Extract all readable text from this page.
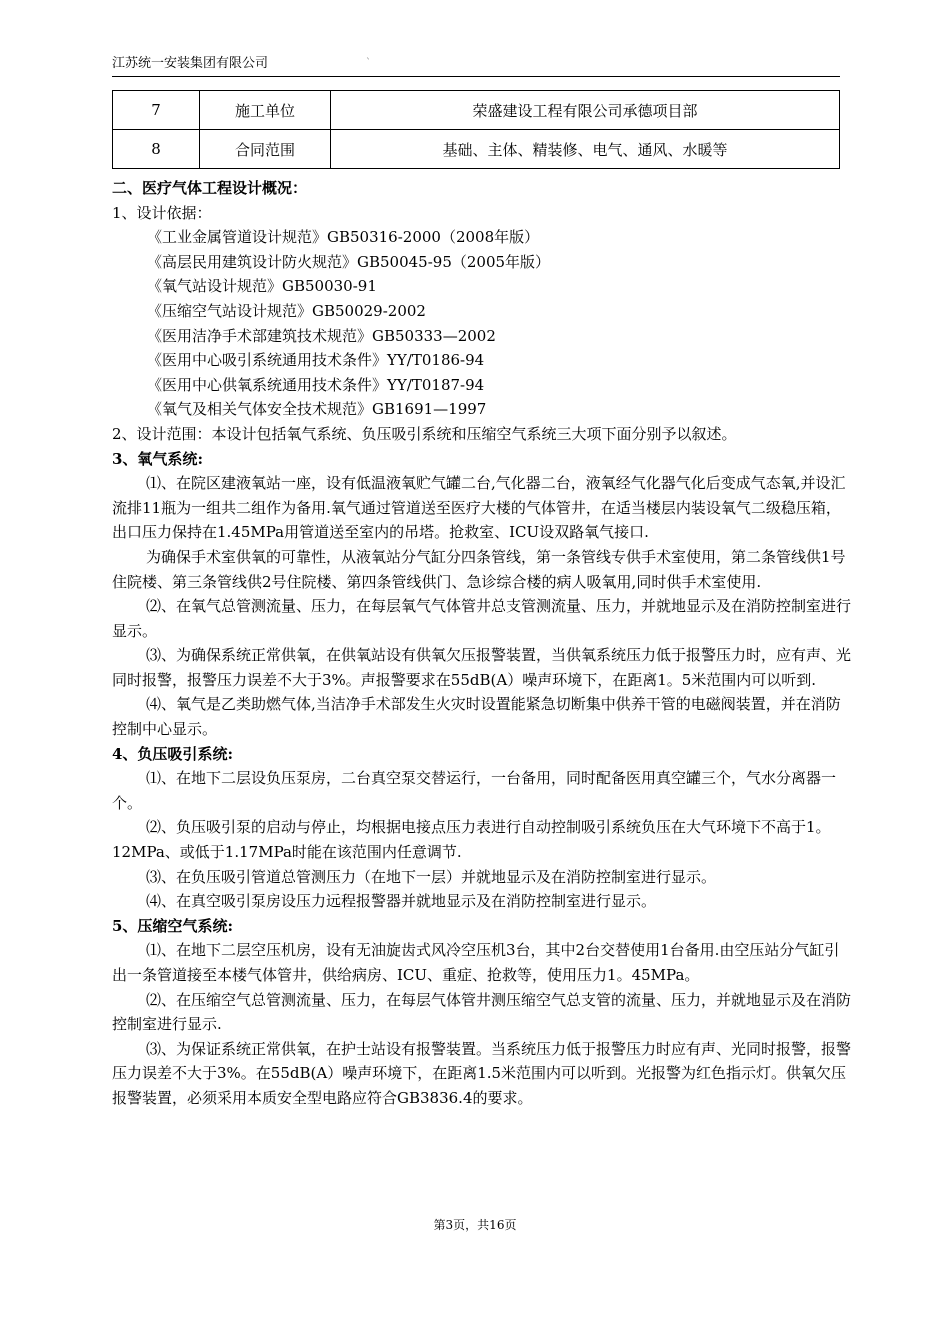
江苏统一安装集团有限公司	`
7	施工单位	荣盛建设工程有限公司承德项目部
8	合同范围	基础、主体、精装修、电气、通风、水暖等

二、医疗气体工程设计概况：

1、设计依据：

《工业金属管道设计规范》GB50316-2000（2008年版）

《高层民用建筑设计防火规范》GB50045-95（2005年版）

《氧气站设计规范》GB50030-91

《压缩空气站设计规范》GB50029-2002

《医用洁净手术部建筑技术规范》GB50333—2002

《医用中心吸引系统通用技术条件》YY/T0186-94

《医用中心供氧系统通用技术条件》YY/T0187-94

《氧气及相关气体安全技术规范》GB1691—1997

2、设计范围：本设计包括氧气系统、负压吸引系统和压缩空气系统三大项下面分别予以叙述。

3、氧气系统:

⑴、在院区建液氧站一座，设有低温液氧贮气罐二台,气化器二台，液氧经气化器气化后变成气态氧,并设汇流排11瓶为一组共二组作为备用.氧气通过管道送至医疗大楼的气体管井，在适当楼层内装设氧气二级稳压箱，出口压力保持在1.45MPa用管道送至室内的吊塔。抢救室、ICU设双路氧气接口.

为确保手术室供氧的可靠性，从液氧站分气缸分四条管线，第一条管线专供手术室使用，第二条管线供1号住院楼、第三条管线供2号住院楼、第四条管线供门、急诊综合楼的病人吸氧用,同时供手术室使用.

⑵、在氧气总管测流量、压力，在每层氧气气体管井总支管测流量、压力，并就地显示及在消防控制室进行显示。

⑶、为确保系统正常供氧，在供氧站设有供氧欠压报警装置，当供氧系统压力低于报警压力时，应有声、光同时报警，报警压力误差不大于3%。声报警要求在55dB(A）噪声环境下，在距离1。5米范围内可以听到.

⑷、氧气是乙类助燃气体,当洁净手术部发生火灾时设置能紧急切断集中供养干管的电磁阀装置，并在消防控制中心显示。

4、负压吸引系统:

⑴、在地下二层设负压泵房，二台真空泵交替运行，一台备用，同时配备医用真空罐三个，气水分离器一个。

⑵、负压吸引泵的启动与停止，均根据电接点压力表进行自动控制吸引系统负压在大气环境下不高于1。12MPa、或低于1.17MPa时能在该范围内任意调节.

⑶、在负压吸引管道总管测压力（在地下一层）并就地显示及在消防控制室进行显示。

⑷、在真空吸引泵房设压力远程报警器并就地显示及在消防控制室进行显示。

5、压缩空气系统:

⑴、在地下二层空压机房，设有无油旋齿式风冷空压机3台，其中2台交替使用1台备用.由空压站分气缸引出一条管道接至本楼气体管井，供给病房、ICU、重症、抢救等，使用压力1。45MPa。

⑵、在压缩空气总管测流量、压力，在每层气体管井测压缩空气总支管的流量、压力，并就地显示及在消防控制室进行显示.

⑶、为保证系统正常供氧，在护士站设有报警装置。当系统压力低于报警压力时应有声、光同时报警，报警压力误差不大于3%。在55dB(A）噪声环境下，在距离1.5米范围内可以听到。光报警为红色指示灯。供氧欠压报警装置，必须采用本质安全型电路应符合GB3836.4的要求。

第3页，共16页
